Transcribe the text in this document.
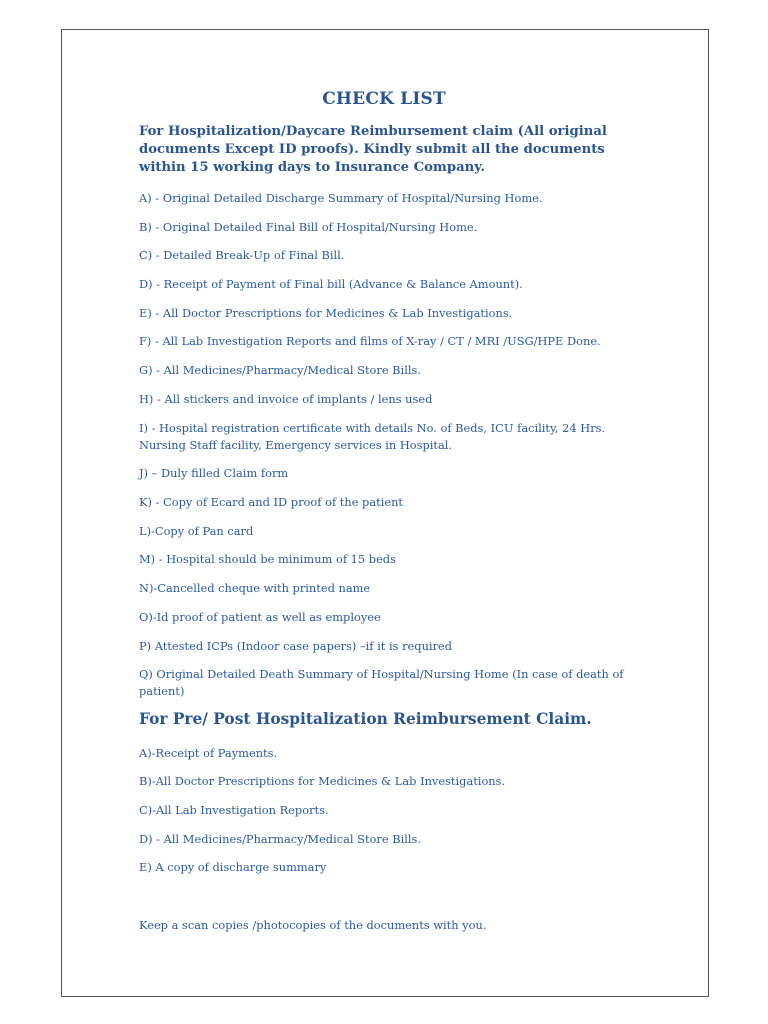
CHECK LIST
For Hospitalization/Daycare Reimbursement claim (All original documents Except ID proofs). Kindly submit all the documents within 15 working days to Insurance Company.
A) - Original Detailed Discharge Summary of Hospital/Nursing Home.
B) - Original Detailed Final Bill of Hospital/Nursing Home.
C) - Detailed Break-Up of Final Bill.
D) - Receipt of Payment of Final bill (Advance & Balance Amount).
E) - All Doctor Prescriptions for Medicines & Lab Investigations.
F) - All Lab Investigation Reports and films of X-ray / CT / MRI /USG/HPE Done.
G) - All Medicines/Pharmacy/Medical Store Bills.
H) - All stickers and invoice of implants / lens used
I) - Hospital registration certificate with details No. of Beds, ICU facility, 24 Hrs. Nursing Staff facility, Emergency services in Hospital.
J) – Duly filled Claim form
K) - Copy of Ecard and ID proof of the patient
L)-Copy of Pan card
M) - Hospital should be minimum of 15 beds
N)-Cancelled cheque with printed name
O)-Id proof of patient as well as employee
P) Attested ICPs (Indoor case papers) –if it is required
Q) Original Detailed Death Summary of Hospital/Nursing Home (In case of death of patient)
For Pre/ Post Hospitalization Reimbursement Claim.
A)-Receipt of Payments.
B)-All Doctor Prescriptions for Medicines & Lab Investigations.
C)-All Lab Investigation Reports.
D) - All Medicines/Pharmacy/Medical Store Bills.
E) A copy of discharge summary
Keep a scan copies /photocopies of the documents with you.
